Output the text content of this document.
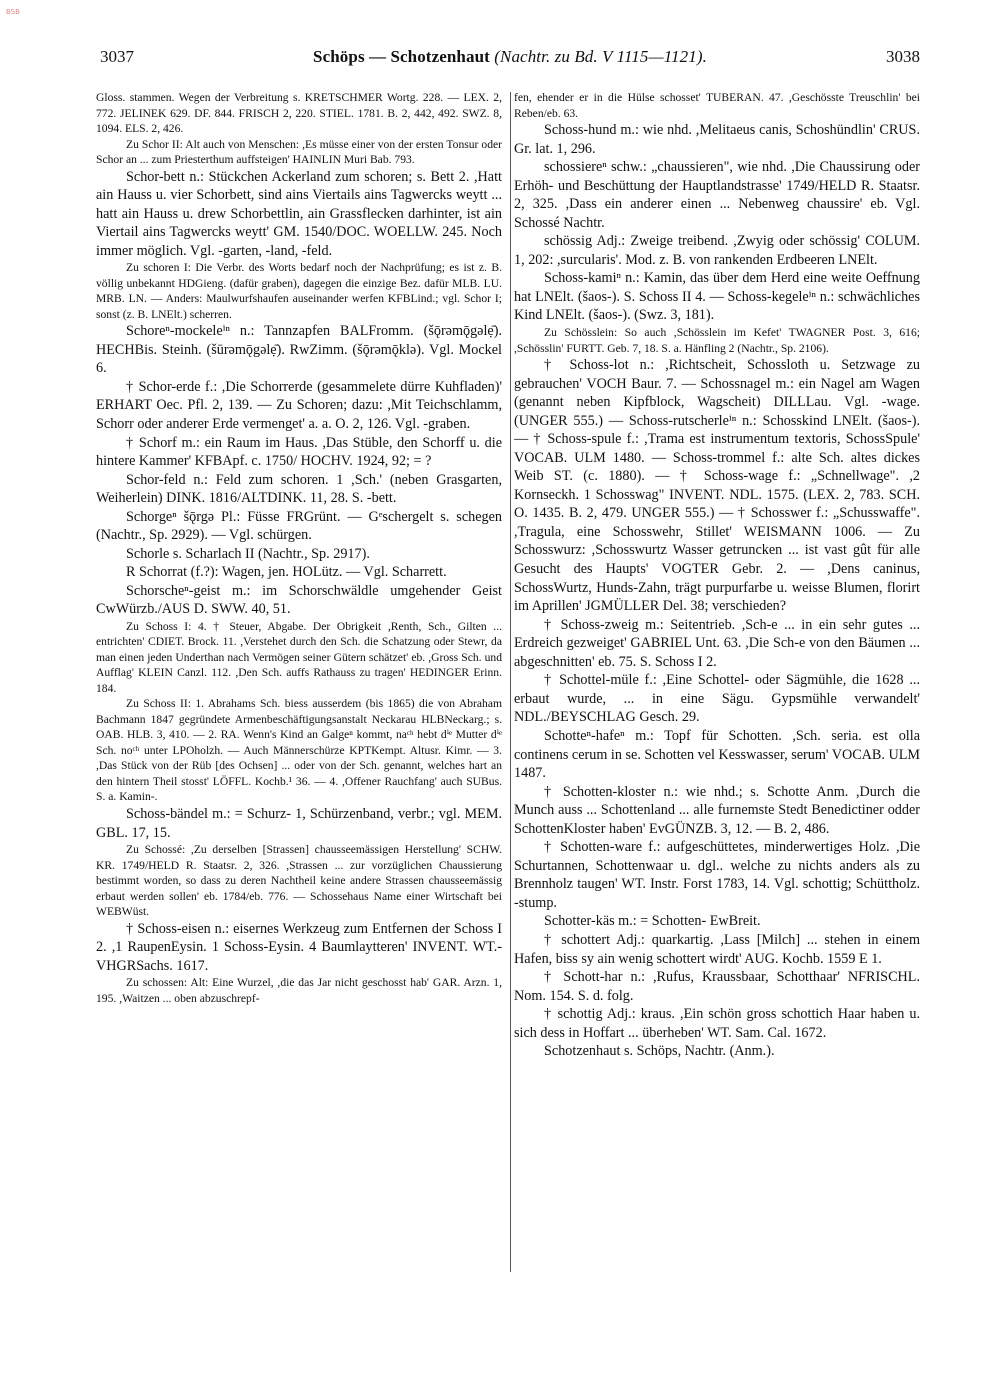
BSB
3037	Schöps — Schotzenhaut (Nachtr. zu Bd. V 1115—1121).	3038

Gloss. stammen. Wegen der Verbreitung s. KRETSCHMER Wortg. 228. — LEX. 2, 772. JELINEK 629. DF. 844. FRISCH 2, 220. STIEL. 1781. B. 2, 442, 492. SWZ. 8, 1094. ELS. 2, 426.

Zu Schor II: Alt auch von Menschen: ,Es müsse einer von der ersten Tonsur oder Schor an ... zum Priesterthum auffsteigen' HAINLIN Muri Bab. 793.

Schor-bett n.: Stückchen Ackerland zum schoren; s. Bett 2. ,Hatt ain Hauss u. vier Schorbett, sind ains Viertails ains Tagwercks weytt ... hatt ain Hauss u. drew Schorbettlin, ain Grassflecken darhinter, ist ain Viertail ains Tagwercks weytt' GM. 1540/DOC. WOELLW. 245. Noch immer möglich. Vgl. -garten, -land, -feld.

Zu schoren I: Die Verbr. des Worts bedarf noch der Nachprüfung; es ist z. B. völlig unbekannt HDGieng. (dafür graben), dagegen die einzige Bez. dafür MLB. LU. MRB. LN. — Anders: Maulwurfshaufen auseinander werfen KFBLind.; vgl. Schor I; sonst (z. B. LNElt.) scherren.

Schoreⁿ-mockeleⁱⁿ n.: Tannzapfen BALFromm. (šǭrəmǭgəlẹ̄). HECHBis. Steinh. (šūrəmǭgəlẹ̄). RwZimm. (šǭrəmǭklə). Vgl. Mockel 6.

† Schor-erde f.: ,Die Schorrerde (gesammelete dürre Kuhfladen)' ERHART Oec. Pfl. 2, 139. — Zu Schoren; dazu: ,Mit Teichschlamm, Schorr oder anderer Erde vermenget' a. a. O. 2, 126. Vgl. -graben.

† Schorf m.: ein Raum im Haus. ,Das Stüble, den Schorff u. die hintere Kammer' KFBApf. c. 1750/ HOCHV. 1924, 92; = ?

Schor-feld n.: Feld zum schoren. 1 ,Sch.' (neben Grasgarten, Weiherlein) DINK. 1816/ALTDINK. 11, 28. S. -bett.

Schorgeⁿ šǭrgə Pl.: Füsse FRGrünt. — Gᵉschergelt s. schegen (Nachtr., Sp. 2929). — Vgl. schürgen.

Schorle s. Scharlach II (Nachtr., Sp. 2917).

R Schorrat (f.?): Wagen, jen. HOLütz. — Vgl. Scharrett.

Schorscheⁿ-geist m.: im Schorschwäldle umgehender Geist CwWürzb./AUS D. SWW. 40, 51.

Zu Schoss I: 4. † Steuer, Abgabe. Der Obrigkeit ,Renth, Sch., Gilten ... entrichten' CDIET. Brock. 11. ,Verstehet durch den Sch. die Schatzung oder Stewr, da man einen jeden Underthan nach Vermögen seiner Gütern schätzet' eb. ,Gross Sch. und Aufflag' KLEIN Canzl. 112. ,Den Sch. auffs Rathauss zu tragen' HEDINGER Erinn. 184.

Zu Schoss II: 1. Abrahams Sch. biess ausserdem (bis 1865) die von Abraham Bachmann 1847 gegründete Armenbeschäftigungsanstalt Neckarau HLBNeckarg.; s. OAB. HLB. 3, 410. — 2. RA. Wenn's Kind an Galgeⁿ kommt, naᶜʰ hebt dⁱᵉ Mutter dⁱᵉ Sch. noᶜʰ unter LPOholzh. — Auch Männerschürze KPTKempt. Altusr. Kimr. — 3. ,Das Stück von der Rüb [des Ochsen] ... oder von der Sch. genannt, welches hart an den hintern Theil stosst' LÖFFL. Kochb.¹ 36. — 4. ,Offener Rauchfang' auch SUBus. S. a. Kamin-.

Schoss-bändel m.: = Schurz- 1, Schürzenband, verbr.; vgl. MEM. GBL. 17, 15.

Zu Schossé: ,Zu derselben [Strassen] chausseemässigen Herstellung' SCHW. KR. 1749/HELD R. Staatsr. 2, 326. ,Strassen ... zur vorzüglichen Chaussierung bestimmt worden, so dass zu deren Nachtheil keine andere Strassen chausseemässig erbaut werden sollen' eb. 1784/eb. 776. — Schossehaus Name einer Wirtschaft bei WEBWüst.

† Schoss-eisen n.: eisernes Werkzeug zum Entfernen der Schoss I 2. ,1 RaupenEysin. 1 Schoss-Eysin. 4 Baumlaytteren' INVENT. WT.-VHGRSachs. 1617.

Zu schossen: Alt: Eine Wurzel, ,die das Jar nicht geschosst hab' GAR. Arzn. 1, 195. ,Waitzen ... oben abzuschrepf-

fen, ehender er in die Hülse schosset' TUBERAN. 47. ,Geschösste Treuschlin' bei Reben/eb. 63.

Schoss-hund m.: wie nhd. ,Melitaeus canis, Schoshündlin' CRUS. Gr. lat. 1, 296.

schossiereⁿ schw.: „chaussieren", wie nhd. ,Die Chaussirung oder Erhöh- und Beschüttung der Hauptlandstrasse' 1749/HELD R. Staatsr. 2, 325. ,Dass ein anderer einen ... Nebenweg chaussire' eb. Vgl. Schossé Nachtr.

schössig Adj.: Zweige treibend. ,Zwyig oder schössig' COLUM. 1, 202: ,surcularis'. Mod. z. B. von rankenden Erdbeeren LNElt.

Schoss-kamiⁿ n.: Kamin, das über dem Herd eine weite Oeffnung hat LNElt. (šaos-). S. Schoss II 4. — Schoss-kegeleⁱⁿ n.: schwächliches Kind LNElt. (šaos-). (Swz. 3, 181).

Zu Schösslein: So auch ,Schösslein im Kefet' TWAGNER Post. 3, 616; ,Schösslin' FURTT. Geb. 7, 18. S. a. Hänfling 2 (Nachtr., Sp. 2106).

† Schoss-lot n.: ,Richtscheit, Schossloth u. Setzwage zu gebrauchen' VOCH Baur. 7. — Schossnagel m.: ein Nagel am Wagen (genannt neben Kipfblock, Wagscheit) DILLLau. Vgl. -wage. (UNGER 555.) — Schoss-rutscherleⁱⁿ n.: Schosskind LNElt. (šaos-). — † Schoss-spule f.: ,Trama est instrumentum textoris, SchossSpule' VOCAB. ULM 1480. — Schoss-trommel f.: alte Sch. altes dickes Weib ST. (c. 1880). — † Schoss-wage f.: „Schnellwage". ,2 Kornseckh. 1 Schosswag" INVENT. NDL. 1575. (LEX. 2, 783. SCH. O. 1435. B. 2, 479. UNGER 555.) — † Schosswer f.: „Schusswaffe". ,Tragula, eine Schosswehr, Stillet' WEISMANN 1006. — Zu Schosswurz: ,Schosswurtz Wasser getruncken ... ist vast gût für alle Gesucht des Haupts' VOGTER Gebr. 2. — ,Dens caninus, SchossWurtz, Hunds-Zahn, trägt purpurfarbe u. weisse Blumen, florirt im Aprillen' JGMÜLLER Del. 38; verschieden?

† Schoss-zweig m.: Seitentrieb. ,Sch-e ... in ein sehr gutes ... Erdreich gezweiget' GABRIEL Unt. 63. ,Die Sch-e von den Bäumen ... abgeschnitten' eb. 75. S. Schoss I 2.

† Schottel-müle f.: ,Eine Schottel- oder Sägmühle, die 1628 ... erbaut wurde, ... in eine Sägu. Gypsmühle verwandelt' NDL./BEYSCHLAG Gesch. 29.

Schotteⁿ-hafeⁿ m.: Topf für Schotten. ,Sch. seria. est olla continens cerum in se. Schotten vel Kesswasser, serum' VOCAB. ULM 1487.

† Schotten-kloster n.: wie nhd.; s. Schotte Anm. ,Durch die Munch auss ... Schottenland ... alle furnemste Stedt Benedictiner odder SchottenKloster haben' EvGÜNZB. 3, 12. — B. 2, 486.

† Schotten-ware f.: aufgeschüttetes, minderwertiges Holz. ,Die Schurtannen, Schottenwaar u. dgl.. welche zu nichts anders als zu Brennholz taugen' WT. Instr. Forst 1783, 14. Vgl. schottig; Schüttholz. -stump.

Schotter-käs m.: = Schotten- EwBreit.

† schottert Adj.: quarkartig. ,Lass [Milch] ... stehen in einem Hafen, biss sy ain wenig schottert wirdt' AUG. Kochb. 1559 E 1.

† Schott-har n.: ,Rufus, Kraussbaar, Schotthaar' NFRISCHL. Nom. 154. S. d. folg.

† schottig Adj.: kraus. ,Ein schön gross schottich Haar haben u. sich dess in Hoffart ... überheben' WT. Sam. Cal. 1672.

Schotzenhaut s. Schöps, Nachtr. (Anm.).
